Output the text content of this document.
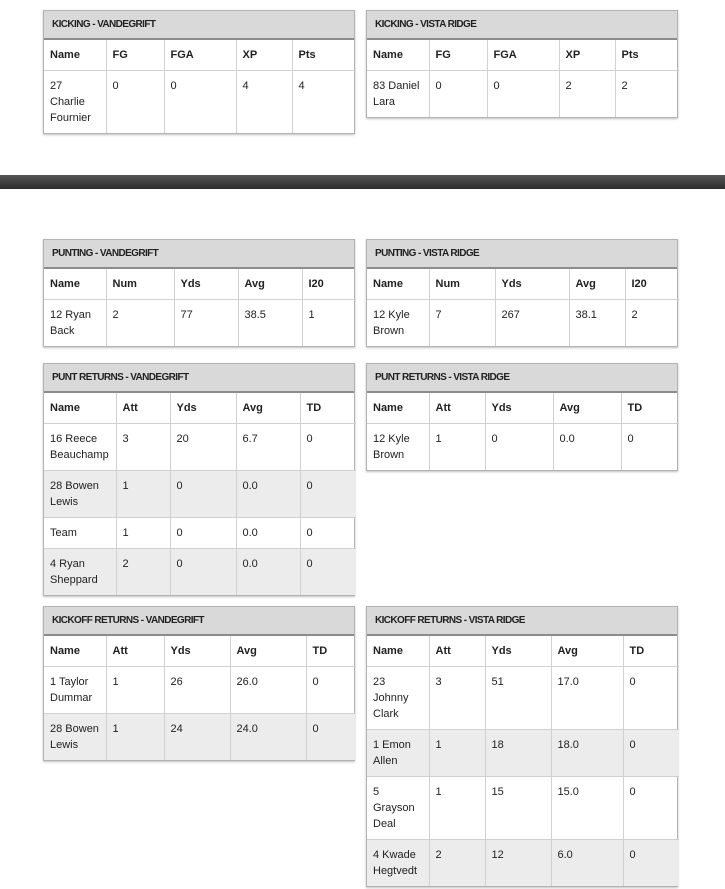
KICKING - VANDEGRIFT
Name	FG	FGA	XP	Pts
27 Charlie Fournier	0	0	4	4
KICKING - VISTA RIDGE
Name	FG	FGA	XP	Pts
83 Daniel Lara	0	0	2	2
PUNTING - VANDEGRIFT
Name	Num	Yds	Avg	I20
12 Ryan Back	2	77	38.5	1
PUNTING - VISTA RIDGE
Name	Num	Yds	Avg	I20
12 Kyle Brown	7	267	38.1	2
PUNT RETURNS - VANDEGRIFT
Name	Att	Yds	Avg	TD
16 Reece Beauchamp	3	20	6.7	0
28 Bowen Lewis	1	0	0.0	0
Team	1	0	0.0	0
4 Ryan Sheppard	2	0	0.0	0
PUNT RETURNS - VISTA RIDGE
Name	Att	Yds	Avg	TD
12 Kyle Brown	1	0	0.0	0
KICKOFF RETURNS - VANDEGRIFT
Name	Att	Yds	Avg	TD
1 Taylor Dummar	1	26	26.0	0
28 Bowen Lewis	1	24	24.0	0
KICKOFF RETURNS - VISTA RIDGE
Name	Att	Yds	Avg	TD
23 Johnny Clark	3	51	17.0	0
1 Emon Allen	1	18	18.0	0
5 Grayson Deal	1	15	15.0	0
4 Kwade Hegtvedt	2	12	6.0	0
